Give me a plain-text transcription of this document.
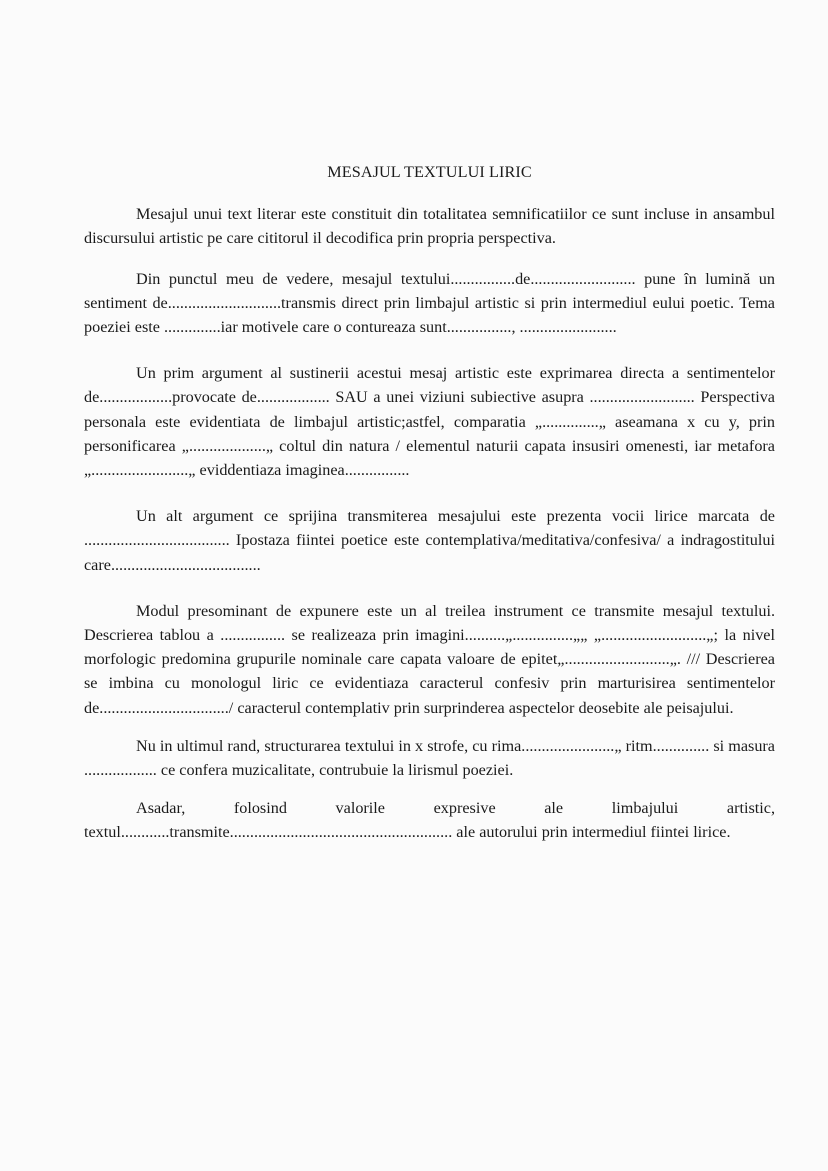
MESAJUL TEXTULUI LIRIC

Mesajul unui text literar este constituit din totalitatea semnificatiilor ce sunt incluse in ansambul discursului artistic pe care cititorul il decodifica prin propria perspectiva.

Din punctul meu de vedere, mesajul textului................de.......................... pune în lumină un sentiment de............................transmis direct prin limbajul artistic si prin intermediul eului poetic. Tema poeziei este ..............iar motivele care o contureaza sunt................, ........................

Un prim argument al sustinerii acestui mesaj artistic este exprimarea directa a sentimentelor de..................provocate de.................. SAU a unei viziuni subiective asupra .......................... Perspectiva personala este evidentiata de limbajul artistic;astfel, comparatia „..............„ aseamana x cu y, prin personificarea „...................„ coltul din natura / elementul naturii capata insusiri omenesti, iar metafora „........................„ eviddentiaza imaginea................

Un alt argument ce sprijina transmiterea mesajului este prezenta vocii lirice marcata de .................................... Ipostaza fiintei poetice este contemplativa/meditativa/confesiva/ a indragostitului care.....................................

Modul presominant de expunere este un al treilea instrument ce transmite mesajul textului. Descrierea tablou a ................ se realizeaza prin imagini..........„...............„„ „..........................„; la nivel morfologic predomina grupurile nominale care capata valoare de epitet„..........................„. /// Descrierea se imbina cu monologul liric ce evidentiaza caracterul confesiv prin marturisirea sentimentelor de................................/ caracterul contemplativ prin surprinderea aspectelor deosebite ale peisajului.

Nu in ultimul rand, structurarea textului in x strofe, cu rima.......................„ ritm.............. si masura .................. ce confera muzicalitate, contrubuie la lirismul poeziei.

Asadar, folosind valorile expresive ale limbajului artistic, textul............transmite....................................................... ale autorului prin intermediul fiintei lirice.
